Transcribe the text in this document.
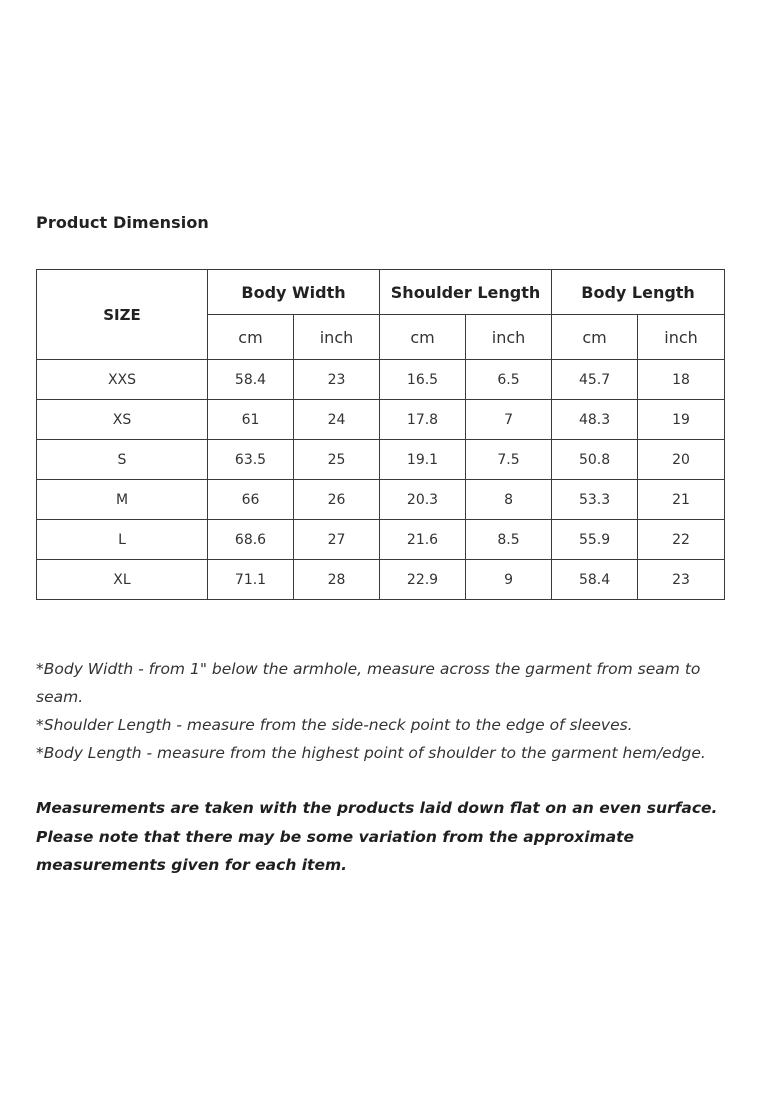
Product Dimension
SIZE	Body Width		Shoulder Length		Body Length	
	cm	inch	cm	inch	cm	inch
XXS	58.4	23	16.5	6.5	45.7	18
XS	61	24	17.8	7	48.3	19
S	63.5	25	19.1	7.5	50.8	20
M	66	26	20.3	8	53.3	21
L	68.6	27	21.6	8.5	55.9	22
XL	71.1	28	22.9	9	58.4	23

*Body Width - from 1" below the armhole, measure across the garment from seam to seam.

*Shoulder Length - measure from the side-neck point to the edge of sleeves.

*Body Length - measure from the highest point of shoulder to the garment hem/edge.

Measurements are taken with the products laid down flat on an even surface. Please note that there may be some variation from the approximate measurements given for each item.
